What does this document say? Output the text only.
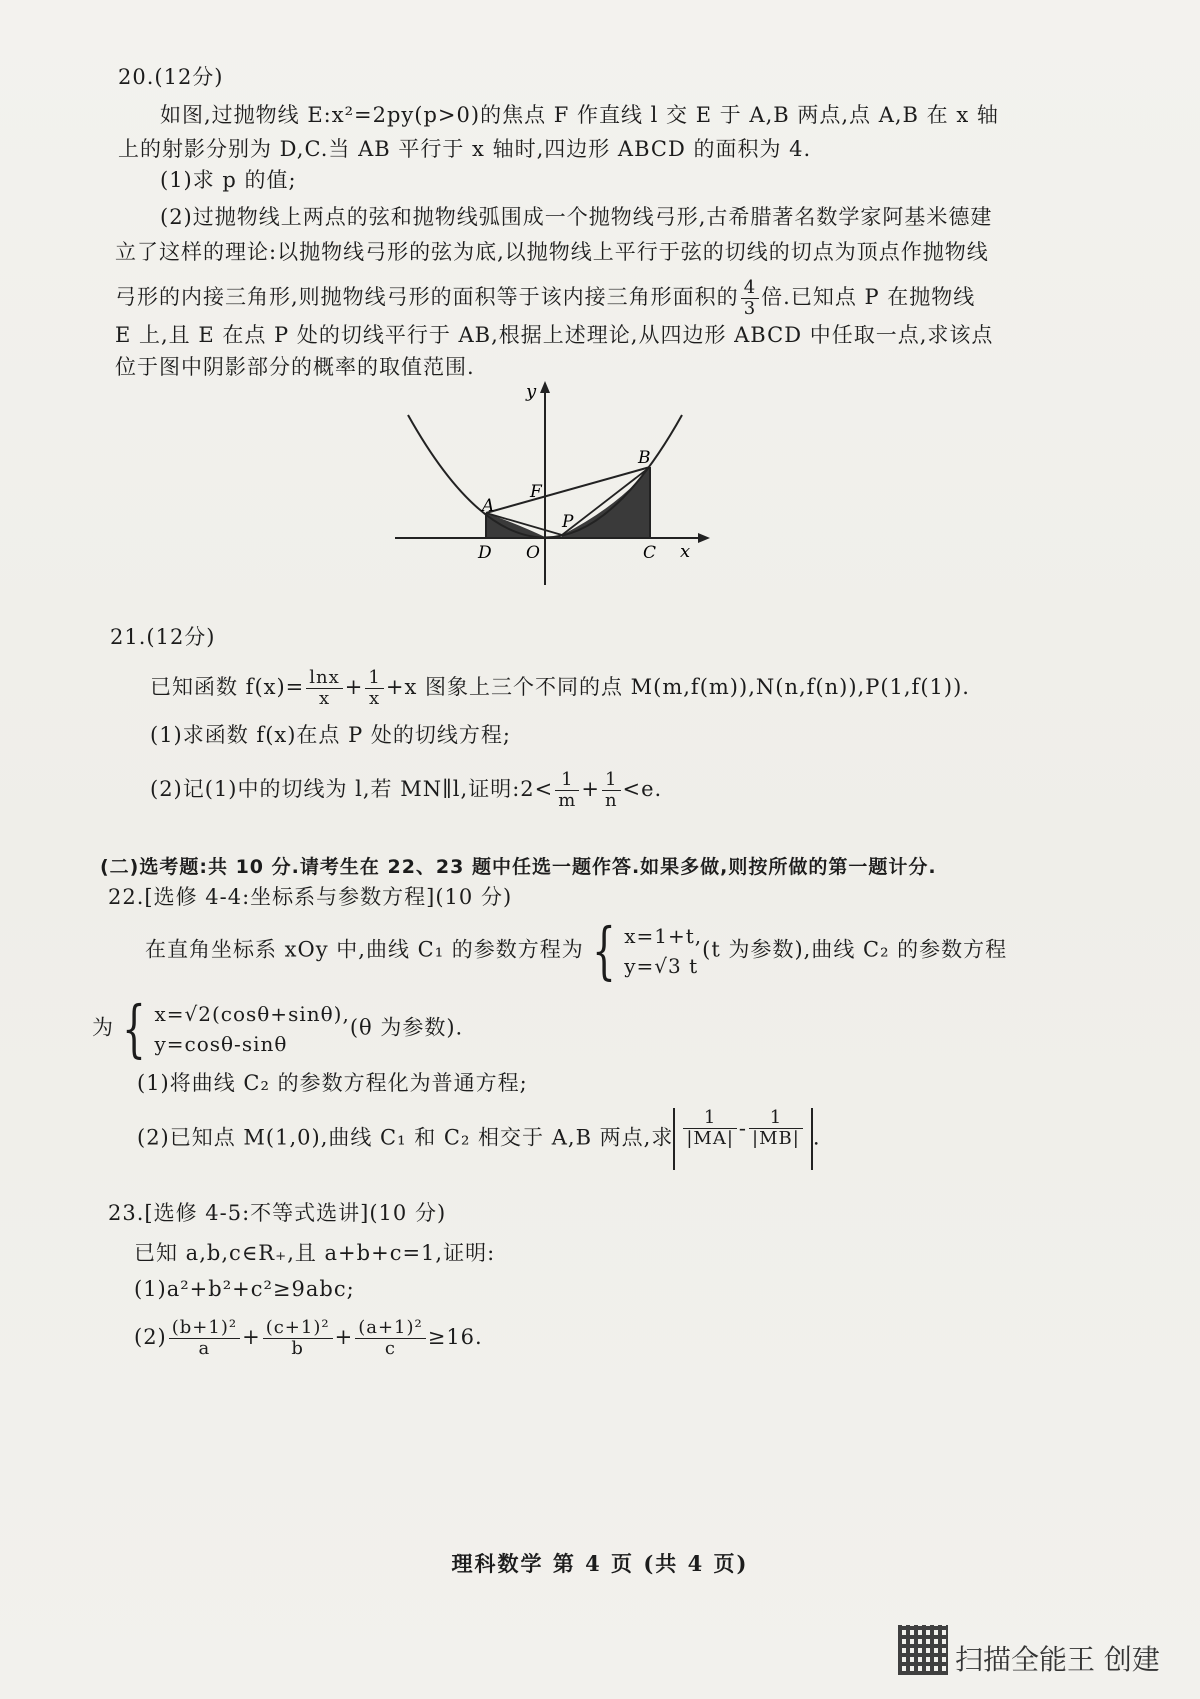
20.(12分)
如图,过抛物线 E:x²=2py(p>0)的焦点 F 作直线 l 交 E 于 A,B 两点,点 A,B 在 x 轴
上的射影分别为 D,C.当 AB 平行于 x 轴时,四边形 ABCD 的面积为 4.
(1)求 p 的值;
(2)过抛物线上两点的弦和抛物线弧围成一个抛物线弓形,古希腊著名数学家阿基米德建
立了这样的理论:以抛物线弓形的弦为底,以抛物线上平行于弦的切线的切点为顶点作抛物线
弓形的内接三角形,则抛物线弓形的面积等于该内接三角形面积的 $\frac{4}{3}$ 倍.已知点 P 在抛物线
E 上,且 E 在点 P 处的切线平行于 AB,根据上述理论,从四边形 ABCD 中任取一点,求该点
位于图中阴影部分的概率的取值范围.
y
x
B
F
A
P
D O	C
21.(12分)
已知函数 $f(x)= \frac{\ln x}{x} + \frac{1}{x} +x$ 图象上三个不同的点 M(m,f(m)),N(n,f(n)),P(1,f(1)).
(1)求函数 f(x)在点 P 处的切线方程;
(2)记(1)中的切线为 l,若 MN∥l,证明:2< $\frac{1}{m} + \frac{1}{n} <e$.
(二)选考题:共 10 分.请考生在 22、23 题中任选一题作答.如果多做,则按所做的第一题计分.
22.[选修 4-4:坐标系与参数方程](10 分)
在直角坐标系 xOy 中,曲线 C₁ 的参数方程为 { x=1+t,
y=√3 t
(t 为参数),曲线 C₂ 的参数方程
为 { x=√2(cosθ+sinθ),
y=cosθ-sinθ
(θ 为参数).
(1)将曲线 C₂ 的参数方程化为普通方程;
(2)已知点 M(1,0),曲线 C₁ 和 C₂ 相交于 A,B 两点,求 $\frac{1}{|MA|} - \frac{1}{|MB|}$ .
23.[选修 4-5:不等式选讲](10 分)
已知 a,b,c∈R₊,且 a+b+c=1,证明:
(1)a²+b²+c²≥9abc;
$(2) \frac{\text{(b+1)²}}{a} + \frac{\text{(c+1)²}}{b} + \frac{\text{(a+1)²}}{c} \ge 16$.
理科数学 第 4 页 (共 4 页)
扫描全能王 创建
